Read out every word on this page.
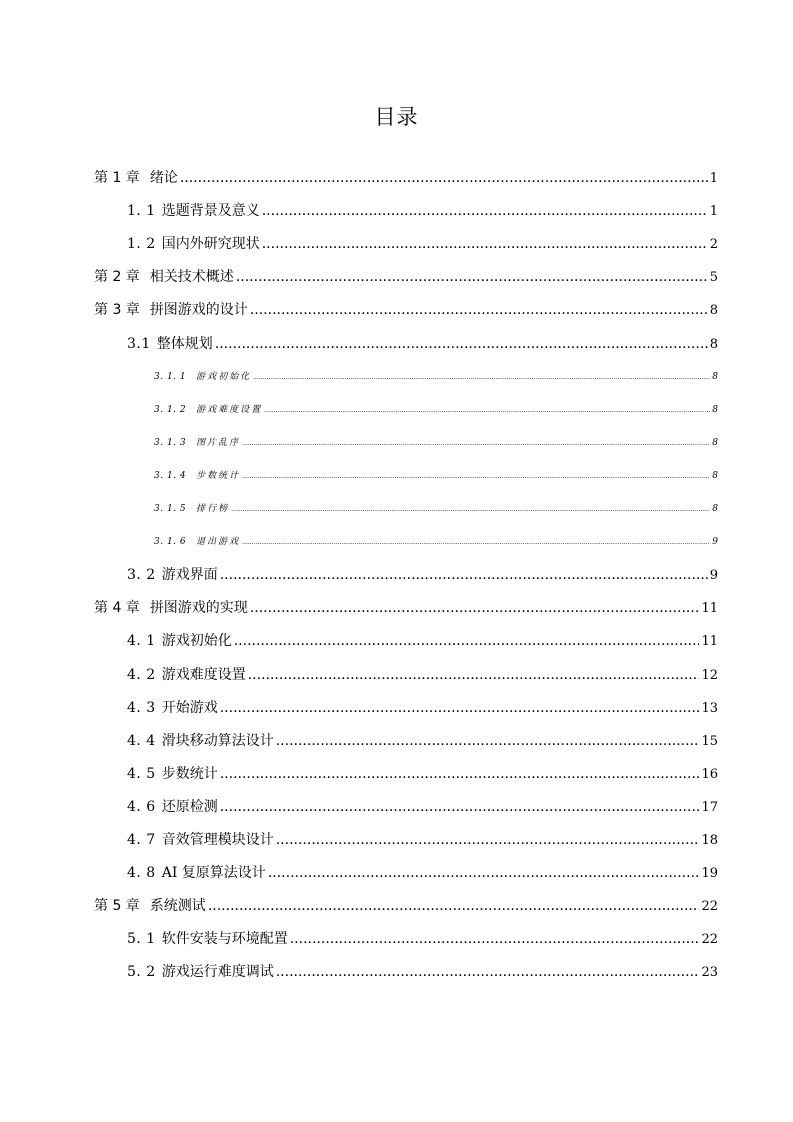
目录
第 1 章 绪论 .....	1
1. 1 选题背景及意义 .....	1
1. 2 国内外研究现状 .....	2
第 2 章 相关技术概述 .....	5
第 3 章 拼图游戏的设计 .....	8
3.1 整体规划 .....	8
3. 1. 1	游戏初始化 .....	8
3. 1. 2	游戏难度设置 .....	8
3. 1. 3	图片乱序 .....	8
3. 1. 4	步数统计 .....	8
3. 1. 5	排行榜 .....	8
3. 1. 6	退出游戏 .....	9
3. 2 游戏界面 .....	9
第 4 章 拼图游戏的实现 .....	11
4. 1 游戏初始化 .....	11
4. 2 游戏难度设置 .....	12
4. 3 开始游戏 .....	13
4. 4 滑块移动算法设计 .....	15
4. 5 步数统计 .....	16
4. 6 还原检测 .....	17
4. 7 音效管理模块设计 .....	18
4. 8 AI 复原算法设计 .....	19
第 5 章 系统测试 .....	22
5. 1 软件安装与环境配置 .....	22
5. 2 游戏运行难度调试 .....	23
